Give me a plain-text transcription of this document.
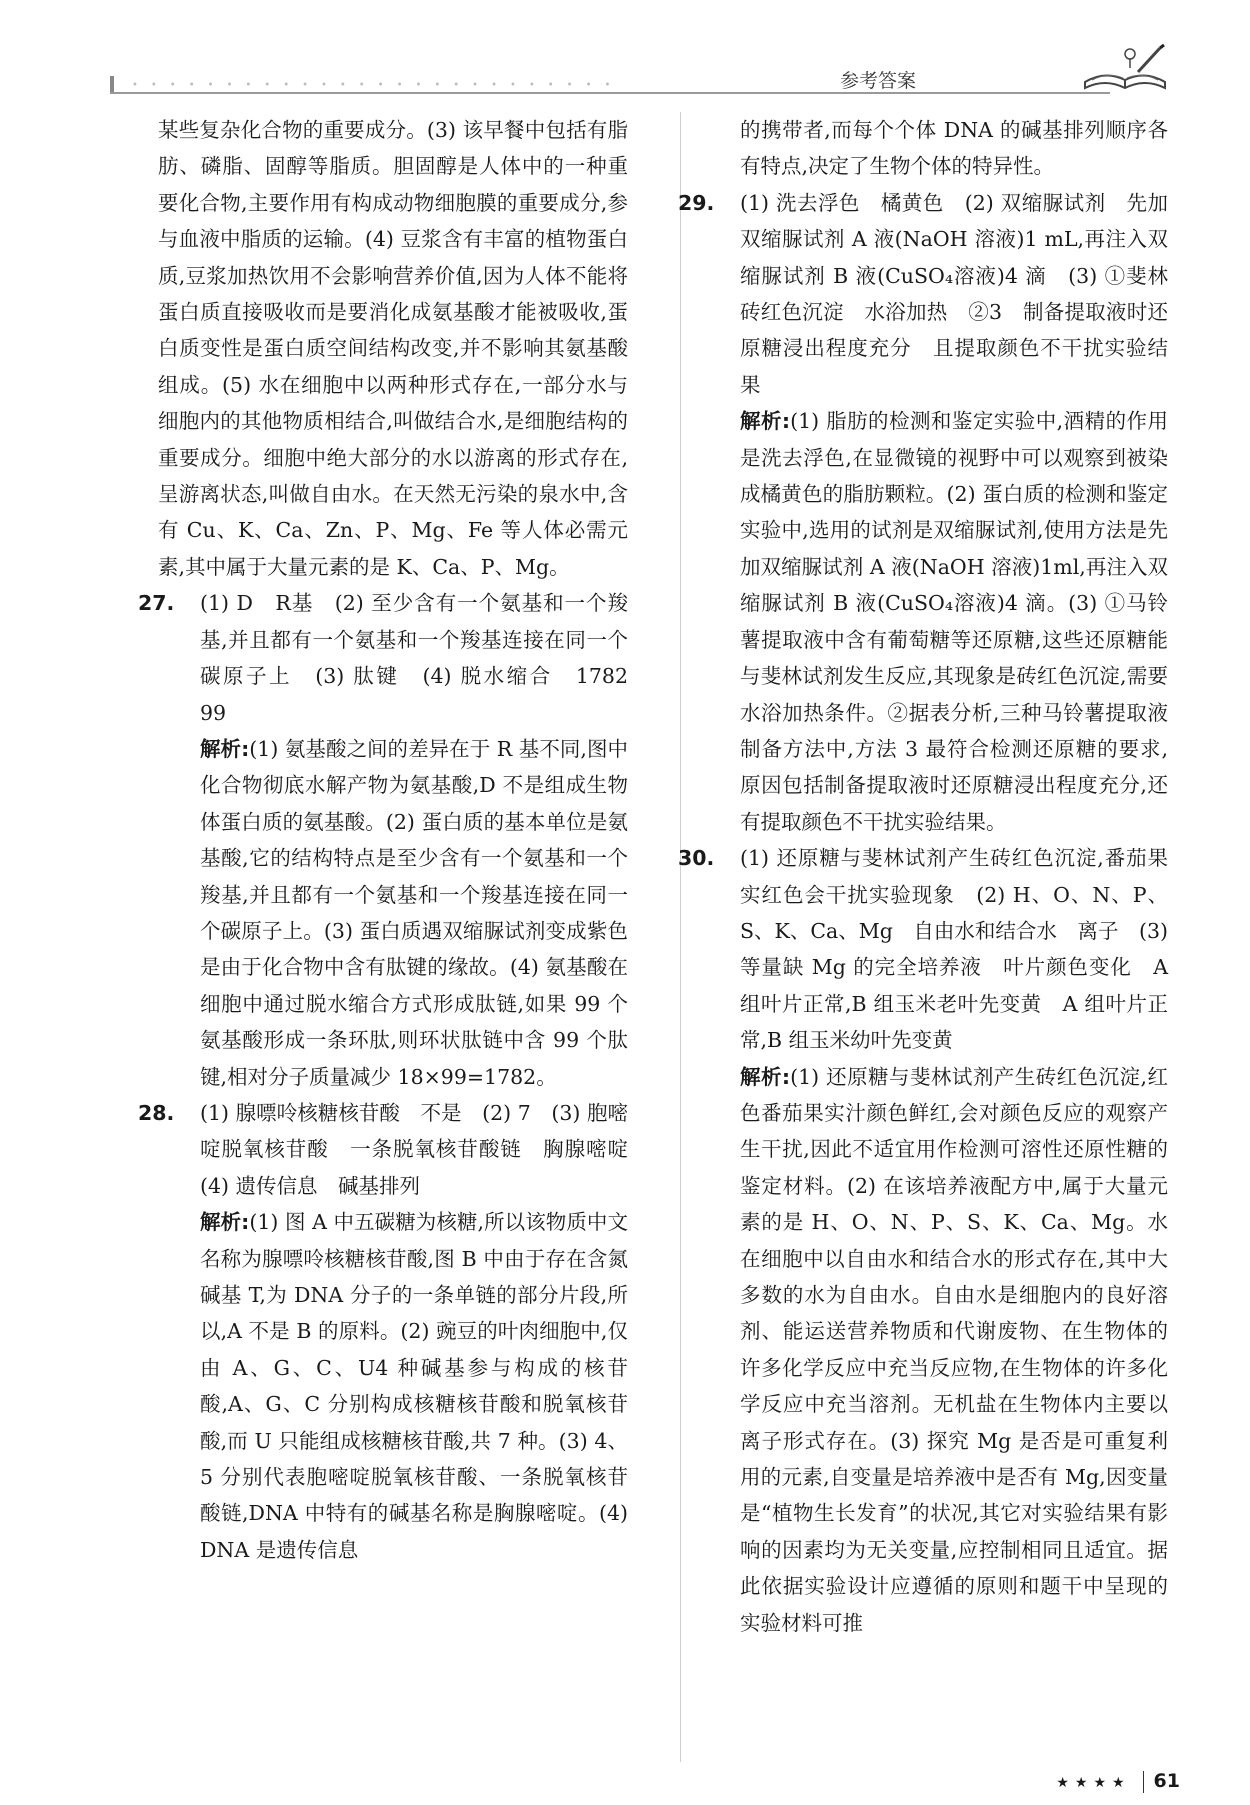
••••••••••••••••••••••••••	参考答案

某些复杂化合物的重要成分。(3) 该早餐中包括有脂肪、磷脂、固醇等脂质。胆固醇是人体中的一种重要化合物,主要作用有构成动物细胞膜的重要成分,参与血液中脂质的运输。(4) 豆浆含有丰富的植物蛋白质,豆浆加热饮用不会影响营养价值,因为人体不能将蛋白质直接吸收而是要消化成氨基酸才能被吸收,蛋白质变性是蛋白质空间结构改变,并不影响其氨基酸组成。(5) 水在细胞中以两种形式存在,一部分水与细胞内的其他物质相结合,叫做结合水,是细胞结构的重要成分。细胞中绝大部分的水以游离的形式存在,呈游离状态,叫做自由水。在天然无污染的泉水中,含有 Cu、K、Ca、Zn、P、Mg、Fe 等人体必需元素,其中属于大量元素的是 K、Ca、P、Mg。

27. (1) D　R基　(2) 至少含有一个氨基和一个羧基,并且都有一个氨基和一个羧基连接在同一个碳原子上　(3) 肽键　(4) 脱水缩合　1782　99

解析:(1) 氨基酸之间的差异在于 R 基不同,图中化合物彻底水解产物为氨基酸,D 不是组成生物体蛋白质的氨基酸。(2) 蛋白质的基本单位是氨基酸,它的结构特点是至少含有一个氨基和一个羧基,并且都有一个氨基和一个羧基连接在同一个碳原子上。(3) 蛋白质遇双缩脲试剂变成紫色是由于化合物中含有肽键的缘故。(4) 氨基酸在细胞中通过脱水缩合方式形成肽链,如果 99 个氨基酸形成一条环肽,则环状肽链中含 99 个肽键,相对分子质量减少 18×99=1782。

28. (1) 腺嘌呤核糖核苷酸　不是　(2) 7　(3) 胞嘧啶脱氧核苷酸　一条脱氧核苷酸链　胸腺嘧啶　(4) 遗传信息　碱基排列

解析:(1) 图 A 中五碳糖为核糖,所以该物质中文名称为腺嘌呤核糖核苷酸,图 B 中由于存在含氮碱基 T,为 DNA 分子的一条单链的部分片段,所以,A 不是 B 的原料。(2) 豌豆的叶肉细胞中,仅由 A、G、C、U4 种碱基参与构成的核苷酸,A、G、C 分别构成核糖核苷酸和脱氧核苷酸,而 U 只能组成核糖核苷酸,共 7 种。(3) 4、5 分别代表胞嘧啶脱氧核苷酸、一条脱氧核苷酸链,DNA 中特有的碱基名称是胸腺嘧啶。(4) DNA 是遗传信息

的携带者,而每个个体 DNA 的碱基排列顺序各有特点,决定了生物个体的特异性。

29. (1) 洗去浮色　橘黄色　(2) 双缩脲试剂　先加双缩脲试剂 A 液(NaOH 溶液)1 mL,再注入双缩脲试剂 B 液(CuSO₄溶液)4 滴　(3) ①斐林　砖红色沉淀　水浴加热　②3　制备提取液时还原糖浸出程度充分　且提取颜色不干扰实验结果

解析:(1) 脂肪的检测和鉴定实验中,酒精的作用是洗去浮色,在显微镜的视野中可以观察到被染成橘黄色的脂肪颗粒。(2) 蛋白质的检测和鉴定实验中,选用的试剂是双缩脲试剂,使用方法是先加双缩脲试剂 A 液(NaOH 溶液)1ml,再注入双缩脲试剂 B 液(CuSO₄溶液)4 滴。(3) ①马铃薯提取液中含有葡萄糖等还原糖,这些还原糖能与斐林试剂发生反应,其现象是砖红色沉淀,需要水浴加热条件。②据表分析,三种马铃薯提取液制备方法中,方法 3 最符合检测还原糖的要求,原因包括制备提取液时还原糖浸出程度充分,还有提取颜色不干扰实验结果。

30. (1) 还原糖与斐林试剂产生砖红色沉淀,番茄果实红色会干扰实验现象　(2) H、O、N、P、S、K、Ca、Mg　自由水和结合水　离子　(3) 等量缺 Mg 的完全培养液　叶片颜色变化　A 组叶片正常,B 组玉米老叶先变黄　A 组叶片正常,B 组玉米幼叶先变黄

解析:(1) 还原糖与斐林试剂产生砖红色沉淀,红色番茄果实汁颜色鲜红,会对颜色反应的观察产生干扰,因此不适宜用作检测可溶性还原性糖的鉴定材料。(2) 在该培养液配方中,属于大量元素的是 H、O、N、P、S、K、Ca、Mg。水在细胞中以自由水和结合水的形式存在,其中大多数的水为自由水。自由水是细胞内的良好溶剂、能运送营养物质和代谢废物、在生物体的许多化学反应中充当反应物,在生物体的许多化学反应中充当溶剂。无机盐在生物体内主要以离子形式存在。(3) 探究 Mg 是否是可重复利用的元素,自变量是培养液中是否有 Mg,因变量是“植物生长发育”的状况,其它对实验结果有影响的因素均为无关变量,应控制相同且适宜。据此依据实验设计应遵循的原则和题干中呈现的实验材料可推

★★★★ 61
